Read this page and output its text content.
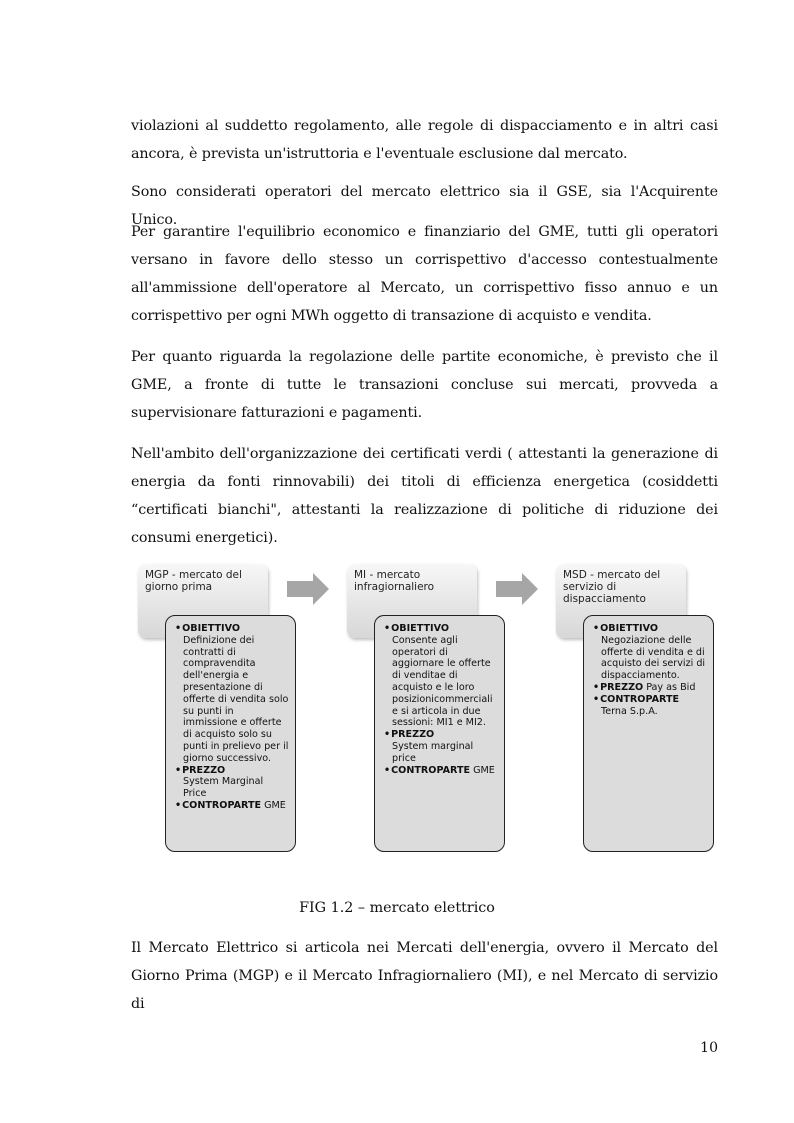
violazioni al suddetto regolamento, alle regole di dispacciamento e in altri casi ancora, è prevista un'istruttoria e l'eventuale esclusione dal mercato.

Sono considerati operatori del mercato elettrico sia il GSE, sia l'Acquirente Unico.

Per garantire l'equilibrio economico e finanziario del GME, tutti gli operatori versano in favore dello stesso un corrispettivo d'accesso contestualmente all'ammissione dell'operatore al Mercato, un corrispettivo fisso annuo e un corrispettivo per ogni MWh oggetto di transazione di acquisto e vendita.

Per quanto riguarda la regolazione delle partite economiche, è previsto che il GME, a fronte di tutte le transazioni concluse sui mercati, provveda a supervisionare fatturazioni e pagamenti.

Nell'ambito dell'organizzazione dei certificati verdi ( attestanti la generazione di energia da fonti rinnovabili) dei titoli di efficienza energetica (cosiddetti “certificati bianchi", attestanti la realizzazione di politiche di riduzione dei consumi energetici).

MGP - mercato del giorno prima
• OBIETTIVO
Definizione dei contratti di compravendita dell'energia e presentazione di offerte di vendita solo su punti in immissione e offerte di acquisto solo su punti in prelievo per il giorno successivo.
• PREZZO
System Marginal Price
• CONTROPARTE GME
MI - mercato infragiornaliero
• OBIETTIVO
Consente agli operatori di aggiornare le offerte di venditae di acquisto e le loro posizionicommerciali e si articola in due sessioni: MI1 e MI2.
• PREZZO
System marginal price
• CONTROPARTE GME
MSD - mercato del servizio di dispacciamento
• OBIETTIVO
Negoziazione delle offerte di vendita e di acquisto dei servizi di dispacciamento.
• PREZZO Pay as Bid
• CONTROPARTE
Terna S.p.A.
FIG 1.2 – mercato elettrico

Il Mercato Elettrico si articola nei Mercati dell'energia, ovvero il Mercato del Giorno Prima (MGP) e il Mercato Infragiornaliero (MI), e nel Mercato di servizio di

10
